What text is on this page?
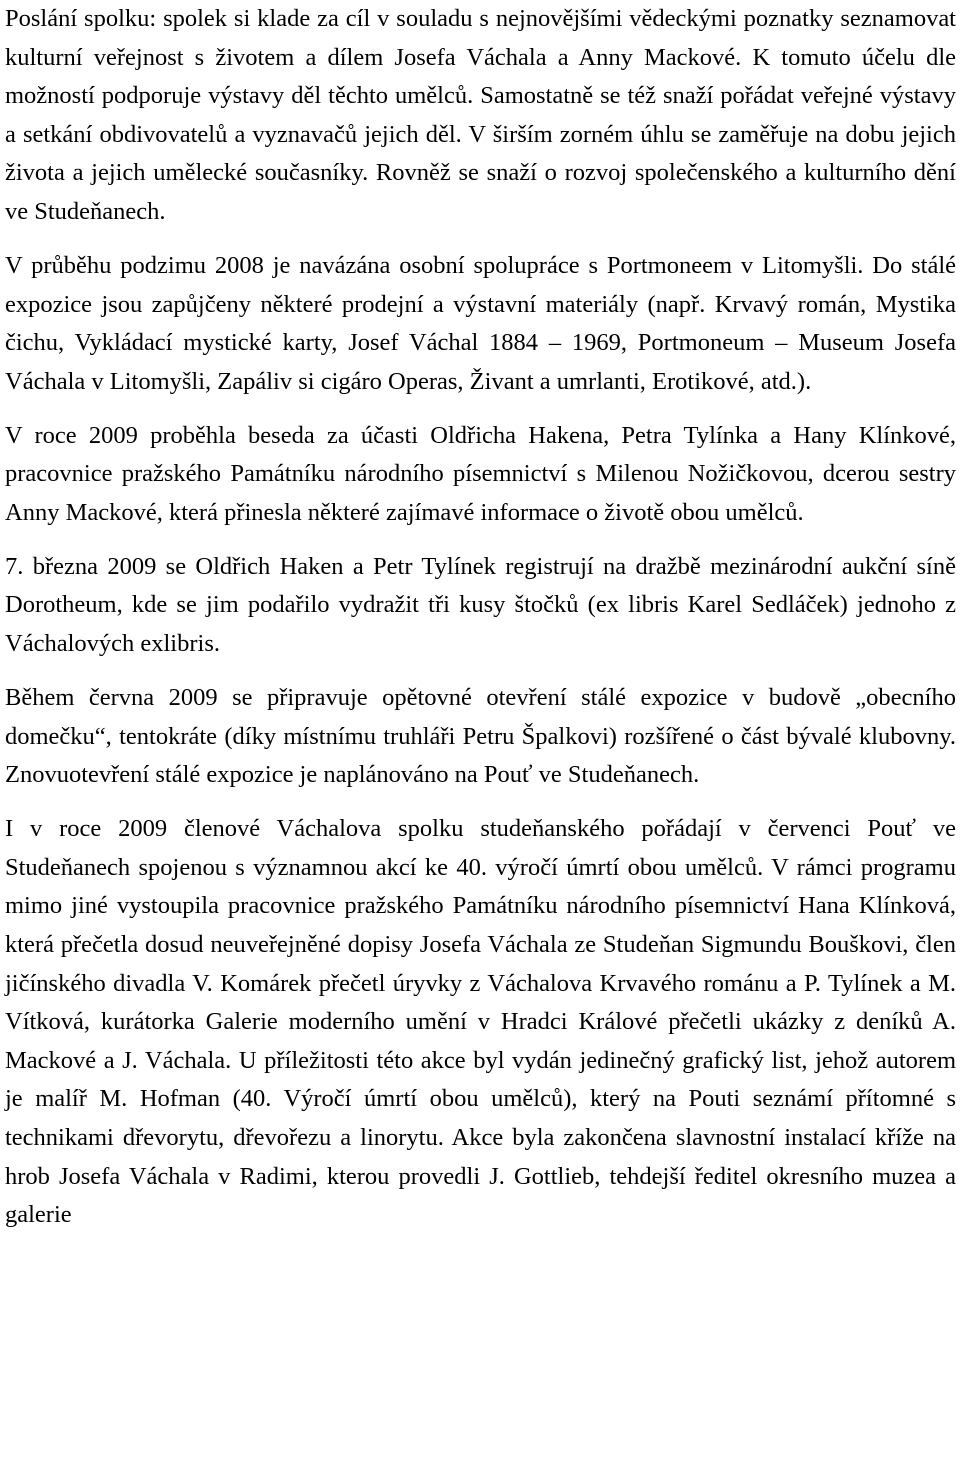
Poslání spolku: spolek si klade za cíl v souladu s nejnovějšími vědeckými poznatky seznamovat kulturní veřejnost s životem a dílem Josefa Váchala a Anny Mackové. K tomuto účelu dle možností podporuje výstavy děl těchto umělců. Samostatně se též snaží pořádat veřejné výstavy a setkání obdivovatelů a vyznavačů jejich děl. V širším zorném úhlu se zaměřuje na dobu jejich života a jejich umělecké současníky. Rovněž se snaží o rozvoj společenského a kulturního dění ve Studeňanech.

V průběhu podzimu 2008 je navázána osobní spolupráce s Portmoneem v Litomyšli. Do stálé expozice jsou zapůjčeny některé prodejní a výstavní materiály (např. Krvavý román, Mystika čichu, Vykládací mystické karty, Josef Váchal 1884 – 1969, Portmoneum – Museum Josefa Váchala v Litomyšli, Zapáliv si cigáro Operas, Živant a umrlanti, Erotikové, atd.).

V roce 2009 proběhla beseda za účasti Oldřicha Hakena, Petra Tylínka a Hany Klínkové, pracovnice pražského Památníku národního písemnictví s Milenou Nožičkovou, dcerou sestry Anny Mackové, která přinesla některé zajímavé informace o životě obou umělců.

7. března 2009 se Oldřich Haken a Petr Tylínek registrují na dražbě mezinárodní aukční síně Dorotheum, kde se jim podařilo vydražit tři kusy štočků (ex libris Karel Sedláček) jednoho z Váchalových exlibris.

Během června 2009 se připravuje opětovné otevření stálé expozice v budově „obecního domečku“, tentokráte (díky místnímu truhláři Petru Špalkovi) rozšířené o část bývalé klubovny. Znovuotevření stálé expozice je naplánováno na Pouť ve Studeňanech.

I v roce 2009 členové Váchalova spolku studeňanského pořádají v červenci Pouť ve Studeňanech spojenou s významnou akcí ke 40. výročí úmrtí obou umělců. V rámci programu mimo jiné vystoupila pracovnice pražského Památníku národního písemnictví Hana Klínková, která přečetla dosud neuveřejněné dopisy Josefa Váchala ze Studeňan Sigmundu Bouškovi, člen jičínského divadla V. Komárek přečetl úryvky z Váchalova Krvavého románu a P. Tylínek a M. Vítková, kurátorka Galerie moderního umění v Hradci Králové přečetli ukázky z deníků A. Mackové a J. Váchala. U příležitosti této akce byl vydán jedinečný grafický list, jehož autorem je malíř M. Hofman (40. Výročí úmrtí obou umělců), který na Pouti seznámí přítomné s technikami dřevorytu, dřevořezu a linorytu. Akce byla zakončena slavnostní instalací kříže na hrob Josefa Váchala v Radimi, kterou provedli J. Gottlieb, tehdejší ředitel okresního muzea a galerie
